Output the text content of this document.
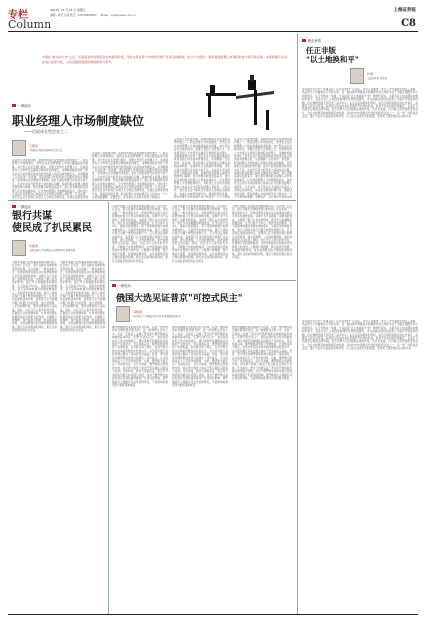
专栏
Column
2007年 12 月 14 日 星期五
编辑：肖若 主编 电话：010-58698825 Email：lyl@ssnews.com.cn
上海证券报
C8
中国在"新兴的大市"之后，私募基金的发展将会迎来新的阶段，同时也将对整个市场的发展产生深远的影响。在这个过程中，新的基金经理人市场的形成与规范是关键。本版特邀专家对此进行深度分析，为读者提供独到的观察视角与思考。
一辩论坛
职业经理人市场制度缺位
——话说成长型企业之二
王德培
中国经济体制改革研究会副会长
企业的人员配置问题，是制约我国企业发展的关键问题之一。职业经理人市场的缺位，使得企业在选择管理人才的时候面临诸多困难。成长型企业在发展过程中，需要大量的专业管理人才，但是现有的人才市场无法提供足够的职业经理人。这种制度缺位导致了很多企业只能依靠家族成员或者创始人的亲信来管理企业，从而限制了企业的进一步发展。职业经理人市场的建立需要完善的法律制度、信用体系以及激励约束机制，这些方面目前都还存在较大的不足。企业所有者与经营者之间的信任问题，是制约职业经理人制度发展的核心障碍。我们需要从制度层面着手，建立起有效的职业经理人评价和监督体系，让优秀的管理人才能够脱颖而出，同时也让企业所有者能够放心地将企业交给职业经理人来经营。只有这样，成长型企业才能真正实现从人治向法治的转变，完成企业制度的现
企业的人员配置问题，是制约我国企业发展的关键问题之一。职业经理人市场的缺位，使得企业在选择管理人才的时候面临诸多困难。成长型企业在发展过程中，需要大量的专业管理人才，但是现有的人才市场无法提供足够的职业经理人。这种制度缺位导致了很多企业只能依靠家族成员或者创始人的亲信来管理企业，从而限制了企业的进一步发展。职业经理人市场的建立需要完善的法律制度、信用体系以及激励约束机制，这些方面目前都还存在较大的不足。企业所有者与经营者之间的信任问题，是制约职业经理人制度发展的核心障碍。我们需要从制度层面着手，建立起有效的职业经理人评价和监督体系，让优秀的管理人才能够脱颖而出，同时也让企业所有者能够放心地将企业交给职业经理人来经营。只有这样，成长型企业才能真正实现从人治向法治的转变，完成企业制度的现代化。随着经济的发展，职业经理人市场的规范化已经成为一个十分紧迫的课题，需要政府、企业和社会各界共同努力来推动。
企业的人员配置问题，是制约我国企业发展的关键问题之一。职业经理人市场的缺位，使得企业在选择管理人才的时候面临诸多困难。成长型企业在发展过程中，需要大量的专业管理人才，但是现有的人才市场无法提供足够的职业经理人。这种制度缺位导致了很多企业只能依靠家族成员或者创始人的亲信来管理企业，从而限制了企业的进一步发展。职业经理人市场的建立需要完善的法律制度、信用体系以及激励约束机制，这些方面目前都还存在较大的不足。企业所有者与经营者之间的信任问题，是制约职业经理人制度发展的核心障碍。我们需要从制度层面着手，建立起有效的职业经理人评价和监督体系，让优秀的管理人才能够脱颖而出，同时也让企业所有者能够放心地将企业交给职业经理人来经营。只有这样，成长型企业才能真正实现从人治向法治的转变，完成企业制度的现代化。随着经济的发展，职业经理人市场的规范化已经成为一个十分紧迫
企业的人员配置问题，是制约我国企业发展的关键问题之一。职业经理人市场的缺位，使得企业在选择管理人才的时候面临诸多困难。成长型企业在发展过程中，需要大量的专业管理人才，但是现有的人才市场无法提供足够的职业经理人。这种制度缺位导致了很多企业只能依靠家族成员或者创始人的亲信来管理企业，从而限制了企业的进一步发展。职业经理人市场的建立需要完善的法律制度、信用体系以及激励约束机制，这些方面目前都还存在较大的不足。企业所有者与经营者之间的信任问题，是制约职业经理人制度发展的核心障碍。我们需要从制度层面着手，建立起有效的职业经理人评价和监督体系，让优秀的管理人才能够脱颖而出，同时也让企业所有者能够放心地将企业交给职业经理人来经营。只有这样，成长型企业才能真正实现从人治向法治的转变，完成企业制度的现代化。随着经济的发展，职业经理人市场的规范化已经成为一个十分紧迫的课题，需要政府、企业和社会各界共同
一辩论坛
银行共谋
使民成了扒民累民
许维鸿
上海交通大学安泰经济与管理学院 副研究员
当前中国银行业的服务收费问题引起了社会的广泛关注。银行在推出各种收费项目的时候，往往采取了一种共谋的方式，使得消费者在面对这些收费的时候几乎没有选择的余地。这种行为不仅损害了消费者的利益，也损害了银行业自身的形象。银行作为金融服务的提供者，应当以客户为中心，提供优质的服务，而不是简单地通过收费来增加收入。从经济学的角度来看，银行之间的共谋行为属于典型的垄断行为，应当受到反垄断法的约束。监管部门应当加强对银行收费行为的监管，建立起透明、公正的收费机制，保护消费者的合法权益。同时，也应当引入更多的竞争者，打破银行业的垄断格局，让市场机制在价格形成中发挥更大的作用。小额账户管理费、跨行取款手续费、短信服务费等等，这些收费项目的合理性都值得商榷。银行在追求利润的同时，更应当承担起相应的社会责任。
当前中国银行业的服务收费问题引起了社会的广泛关注。银行在推出各种收费项目的时候，往往采取了一种共谋的方式，使得消费者在面对这些收费的时候几乎没有选择的余地。这种行为不仅损害了消费者的利益，也损害了银行业自身的形象。银行作为金融服务的提供者，应当以客户为中心，提供优质的服务，而不是简单地通过收费来增加收入。从经济学的角度来看，银行之间的共谋行为属于典型的垄断行为，应当受到反垄断法的约束。监管部门应当加强对银行收费行为的监管，建立起透明、公正的收费机制，保护消费者的合法权益。同时，也应当引入更多的竞争者，打破银行业的垄断格局，让市场机制在价格形成中发挥更大的作用。小额账户管理费、跨行取款手续费、短信服务费等等，这些收费项目的合理性都值得商榷。银行在追求利润的同时，更应当承担起相应的社会责任。
当前中国银行业的服务收费问题引起了社会的广泛关注。银行在推出各种收费项目的时候，往往采取了一种共谋的方式，使得消费者在面对这些收费的时候几乎没有选择的余地。这种行为不仅损害了消费者的利益，也损害了银行业自身的形象。银行作为金融服务的提供者，应当以客户为中心，提供优质的服务，而不是简单地通过收费来增加收入。从经济学的角度来看，银行之间的共谋行为属于典型的垄断行为，应当受到反垄断法的约束。监管部门应当加强对银行收费行为的监管，建立起透明、公正的收费机制，保护消费者的合法权益。同时，也应当引入更多的竞争者，打破银行业的垄断格局，让市场机制在价格形成中发挥更大的作用。小额账户管理费、跨行取款手续费、短信服务费等等，这些收费项目的合理性都值得商榷。银行在追求利润的同时，更应当承担起相应的社会责任。
当前中国银行业的服务收费问题引起了社会的广泛关注。银行在推出各种收费项目的时候，往往采取了一种共谋的方式，使得消费者在面对这些收费的时候几乎没有选择的余地。这种行为不仅损害了消费者的利益，也损害了银行业自身的形象。银行作为金融服务的提供者，应当以客户为中心，提供优质的服务，而不是简单地通过收费来增加收入。从经济学的角度来看，银行之间的共谋行为属于典型的垄断行为，应当受到反垄断法的约束。监管部门应当加强对银行收费行为的监管，建立起透明、公正的收费机制，保护消费者的合法权益。同时，也应当引入更多的竞争者，打破银行业的垄断格局，让市场机制在价格形成中发挥更大的作用。小额账户管理费、跨行取款手续费、短信服务费等等，这些收费项目的合理性都值得商榷。银行在追求利润的同时，更应当承担起相应的社会责任。
当前中国银行业的服务收费问题引起了社会的广泛关注。银行在推出各种收费项目的时候，往往采取了一种共谋的方式，使得消费者在面对这些收费的时候几乎没有选择的余地。这种行为不仅损害了消费者的利益，也损害了银行业自身的形象。银行作为金融服务的提供者，应当以客户为中心，提供优质的服务，而不是简单地通过收费来增加收入。从经济学的角度来看，银行之间的共谋行为属于典型的垄断行为，应当受到反垄断法的约束。监管部门应当加强对银行收费行为的监管，建立起透明、公正的收费机制，保护消费者的合法权益。同时，也应当引入更多的竞争者，打破银行业的垄断格局，让市场机制在价格形成中发挥更大的作用。小额账户管理费、跨行取款手续费、短信服务费等等，这些收费项目的合理性都值得商榷。银行在追求利润的同时，更应当承担起相应的社会责任。
一辩论坛
俄国大选见证普京"可控式民主"
冯绍雷
华东师范大学国际关系与地区发展研究院院长
俄罗斯刚刚结束的国家杜马选举，以统一俄罗斯党的压倒性胜利而告终。这一结果既在意料之中，也在一定程度上反映了普京时代俄罗斯政治体制的基本特征。所谓"可控式民主"，是指在保持民主形式的前提下，通过各种手段确保政治进程处于可控状态。普京执政以来，俄罗斯经济得到了快速恢复，社会秩序趋于稳定，民众对普京的支持率始终维持在较高水平。这为普京推行其政治理念提供了坚实的民意基础。然而，西方国家对俄罗斯的选举过程提出了诸多批评，认为选举存在不公平竞争的现象。对此，俄罗斯方面予以了坚决的回应。从长远来看，俄罗斯政治发展的方向，将在很大程度上取决于普京卸任后的权力安排。无论如何，此次大选都见证了普京所开创的政治模式的巩固与延续，这对于俄罗斯未来的发展以及国际格局都将产生深远的影响。俄罗斯的民主道路有其自身的特殊性，不能简单地套用西方的标准来衡量。
俄罗斯刚刚结束的国家杜马选举，以统一俄罗斯党的压倒性胜利而告终。这一结果既在意料之中，也在一定程度上反映了普京时代俄罗斯政治体制的基本特征。所谓"可控式民主"，是指在保持民主形式的前提下，通过各种手段确保政治进程处于可控状态。普京执政以来，俄罗斯经济得到了快速恢复，社会秩序趋于稳定，民众对普京的支持率始终维持在较高水平。这为普京推行其政治理念提供了坚实的民意基础。然而，西方国家对俄罗斯的选举过程提出了诸多批评，认为选举存在不公平竞争的现象。对此，俄罗斯方面予以了坚决的回应。从长远来看，俄罗斯政治发展的方向，将在很大程度上取决于普京卸任后的权力安排。无论如何，此次大选都见证了普京所开创的政治模式的巩固与延续，这对于俄罗斯未来的发展以及国际格局都将产生深远的影响。俄罗斯的民主道路有其自身的特殊性，不能简单地套用西方的标准来衡量。
俄罗斯刚刚结束的国家杜马选举，以统一俄罗斯党的压倒性胜利而告终。这一结果既在意料之中，也在一定程度上反映了普京时代俄罗斯政治体制的基本特征。所谓"可控式民主"，是指在保持民主形式的前提下，通过各种手段确保政治进程处于可控状态。普京执政以来，俄罗斯经济得到了快速恢复，社会秩序趋于稳定，民众对普京的支持率始终维持在较高水平。这为普京推行其政治理念提供了坚实的民意基础。然而，西方国家对俄罗斯的选举过程提出了诸多批评，认为选举存在不公平竞争的现象。对此，俄罗斯方面予以了坚决的回应。从长远来看，俄罗斯政治发展的方向，将在很大程度上取决于普京卸任后的权力安排。无论如何，此次大选都见证了普京所开创的政治模式的巩固与延续，这对于俄罗斯未来的发展以及国际格局都将产生深远的影响。俄罗斯的民主道路有其自身的特殊性，不能简单地套用西方的标准来衡量。
观点争鸣
任正非版
"以土地换和平"
叶檀
上海证券报 评论员
华为最近发生的一件事引起了社会各界的广泛关注。华为公司要求一部分工作年限较长的员工辞职，然后再与公司重新签订劳动合同。这一做法被外界解读为规避新劳动合同法中关于无固定期限劳动合同的规定。任正非的这一举措，可以说是"以土地换和平"的一种现代版本。在新劳动合同法即将实施的背景下，企业与员工之间的利益博弈变得更加激烈。华为的做法虽然在法律上可能并无明显的问题，但在道德层面上却引发了诸多争议。企业在追求效率的同时，也应当承担起相应的社会责任，保障员工的合法权益。新劳动合同法的本意是保护劳动者的权益，促进劳动关系的和谐稳定。企业应当积极适应新的法律环境，而不是想方设法规避法律的约束。从长远来看，只有建立起和谐的劳动关系，企业才能够获得持续稳定的发展。华为作为中国最具代表性的民营企业之一，其一举一动都备受关注，更应当在这方面起到表率作用。员工是企业最宝贵的财富，善待员工就是善待企业的未来。
华为最近发生的一件事引起了社会各界的广泛关注。华为公司要求一部分工作年限较长的员工辞职，然后再与公司重新签订劳动合同。这一做法被外界解读为规避新劳动合同法中关于无固定期限劳动合同的规定。任正非的这一举措，可以说是"以土地换和平"的一种现代版本。在新劳动合同法即将实施的背景下，企业与员工之间的利益博弈变得更加激烈。华为的做法虽然在法律上可能并无明显的问题，但在道德层面上却引发了诸多争议。企业在追求效率的同时，也应当承担起相应的社会责任，保障员工的合法权益。新劳动合同法的本意是保护劳动者的权益，促进劳动关系的和谐稳定。企业应当积极适应新的法律环境，而不是想方设法规避法律的约束。从长远来看，只有建立起和谐的劳动关系，企业才能够获得持续稳定的发展。华为作为中国最具代表性的民营企业之一，其一举一动都备受关注，更应当在这方面起到表率作用。员工是企业最宝贵的财富，善待员工就是善待企业的未来。
